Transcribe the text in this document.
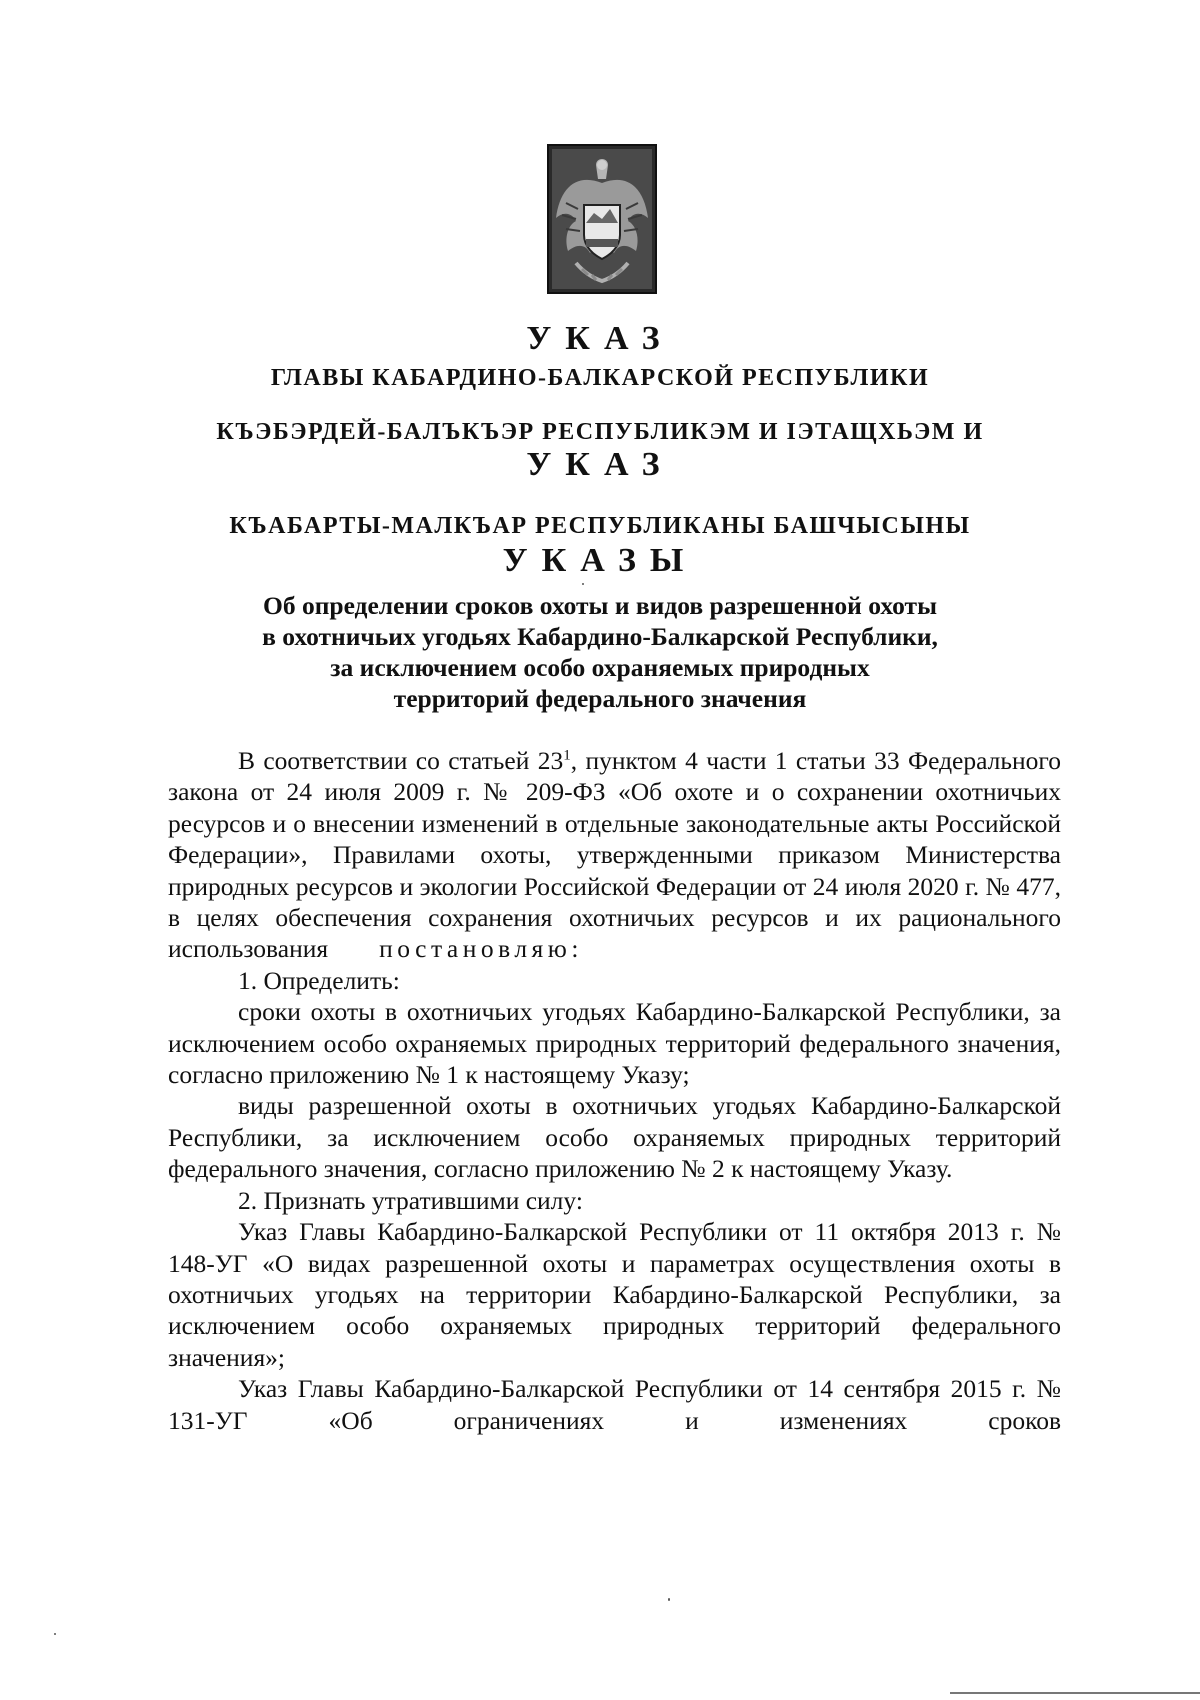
УКАЗ
ГЛАВЫ КАБАРДИНО-БАЛКАРСКОЙ РЕСПУБЛИКИ
КЪЭБЭРДЕЙ-БАЛЪКЪЭР РЕСПУБЛИКЭМ И ІЭТАЩХЬЭМ И
УКАЗ
КЪАБАРТЫ-МАЛКЪАР РЕСПУБЛИКАНЫ БАШЧЫСЫНЫ
УКАЗЫ
Об определении сроков охоты и видов разрешенной охоты
в охотничьих угодьях Кабардино-Балкарской Республики,
за исключением особо охраняемых природных
территорий федерального значения

В соответствии со статьей $23^1$, пунктом 4 части 1 статьи 33 Федерального закона от 24 июля 2009 г. № 209-ФЗ «Об охоте и о сохранении охотничьих ресурсов и о внесении изменений в отдельные законодательные акты Российской Федерации», Правилами охоты, утвержденными приказом Министерства природных ресурсов и экологии Российской Федерации от 24 июля 2020 г. № 477, в целях обеспечения сохранения охотничьих ресурсов и их рационального использования постановляю:

1. Определить:

сроки охоты в охотничьих угодьях Кабардино-Балкарской Республики, за исключением особо охраняемых природных территорий федерального значения, согласно приложению № 1 к настоящему Указу;

виды разрешенной охоты в охотничьих угодьях Кабардино-Балкарской Республики, за исключением особо охраняемых природных территорий федерального значения, согласно приложению № 2 к настоящему Указу.

2. Признать утратившими силу:

Указ Главы Кабардино-Балкарской Республики от 11 октября 2013 г. № 148-УГ «О видах разрешенной охоты и параметрах осуществления охоты в охотничьих угодьях на территории Кабардино-Балкарской Республики, за исключением особо охраняемых природных территорий федерального значения»;

Указ Главы Кабардино-Балкарской Республики от 14 сентября 2015 г. № 131-УГ «Об ограничениях и изменениях сроков
